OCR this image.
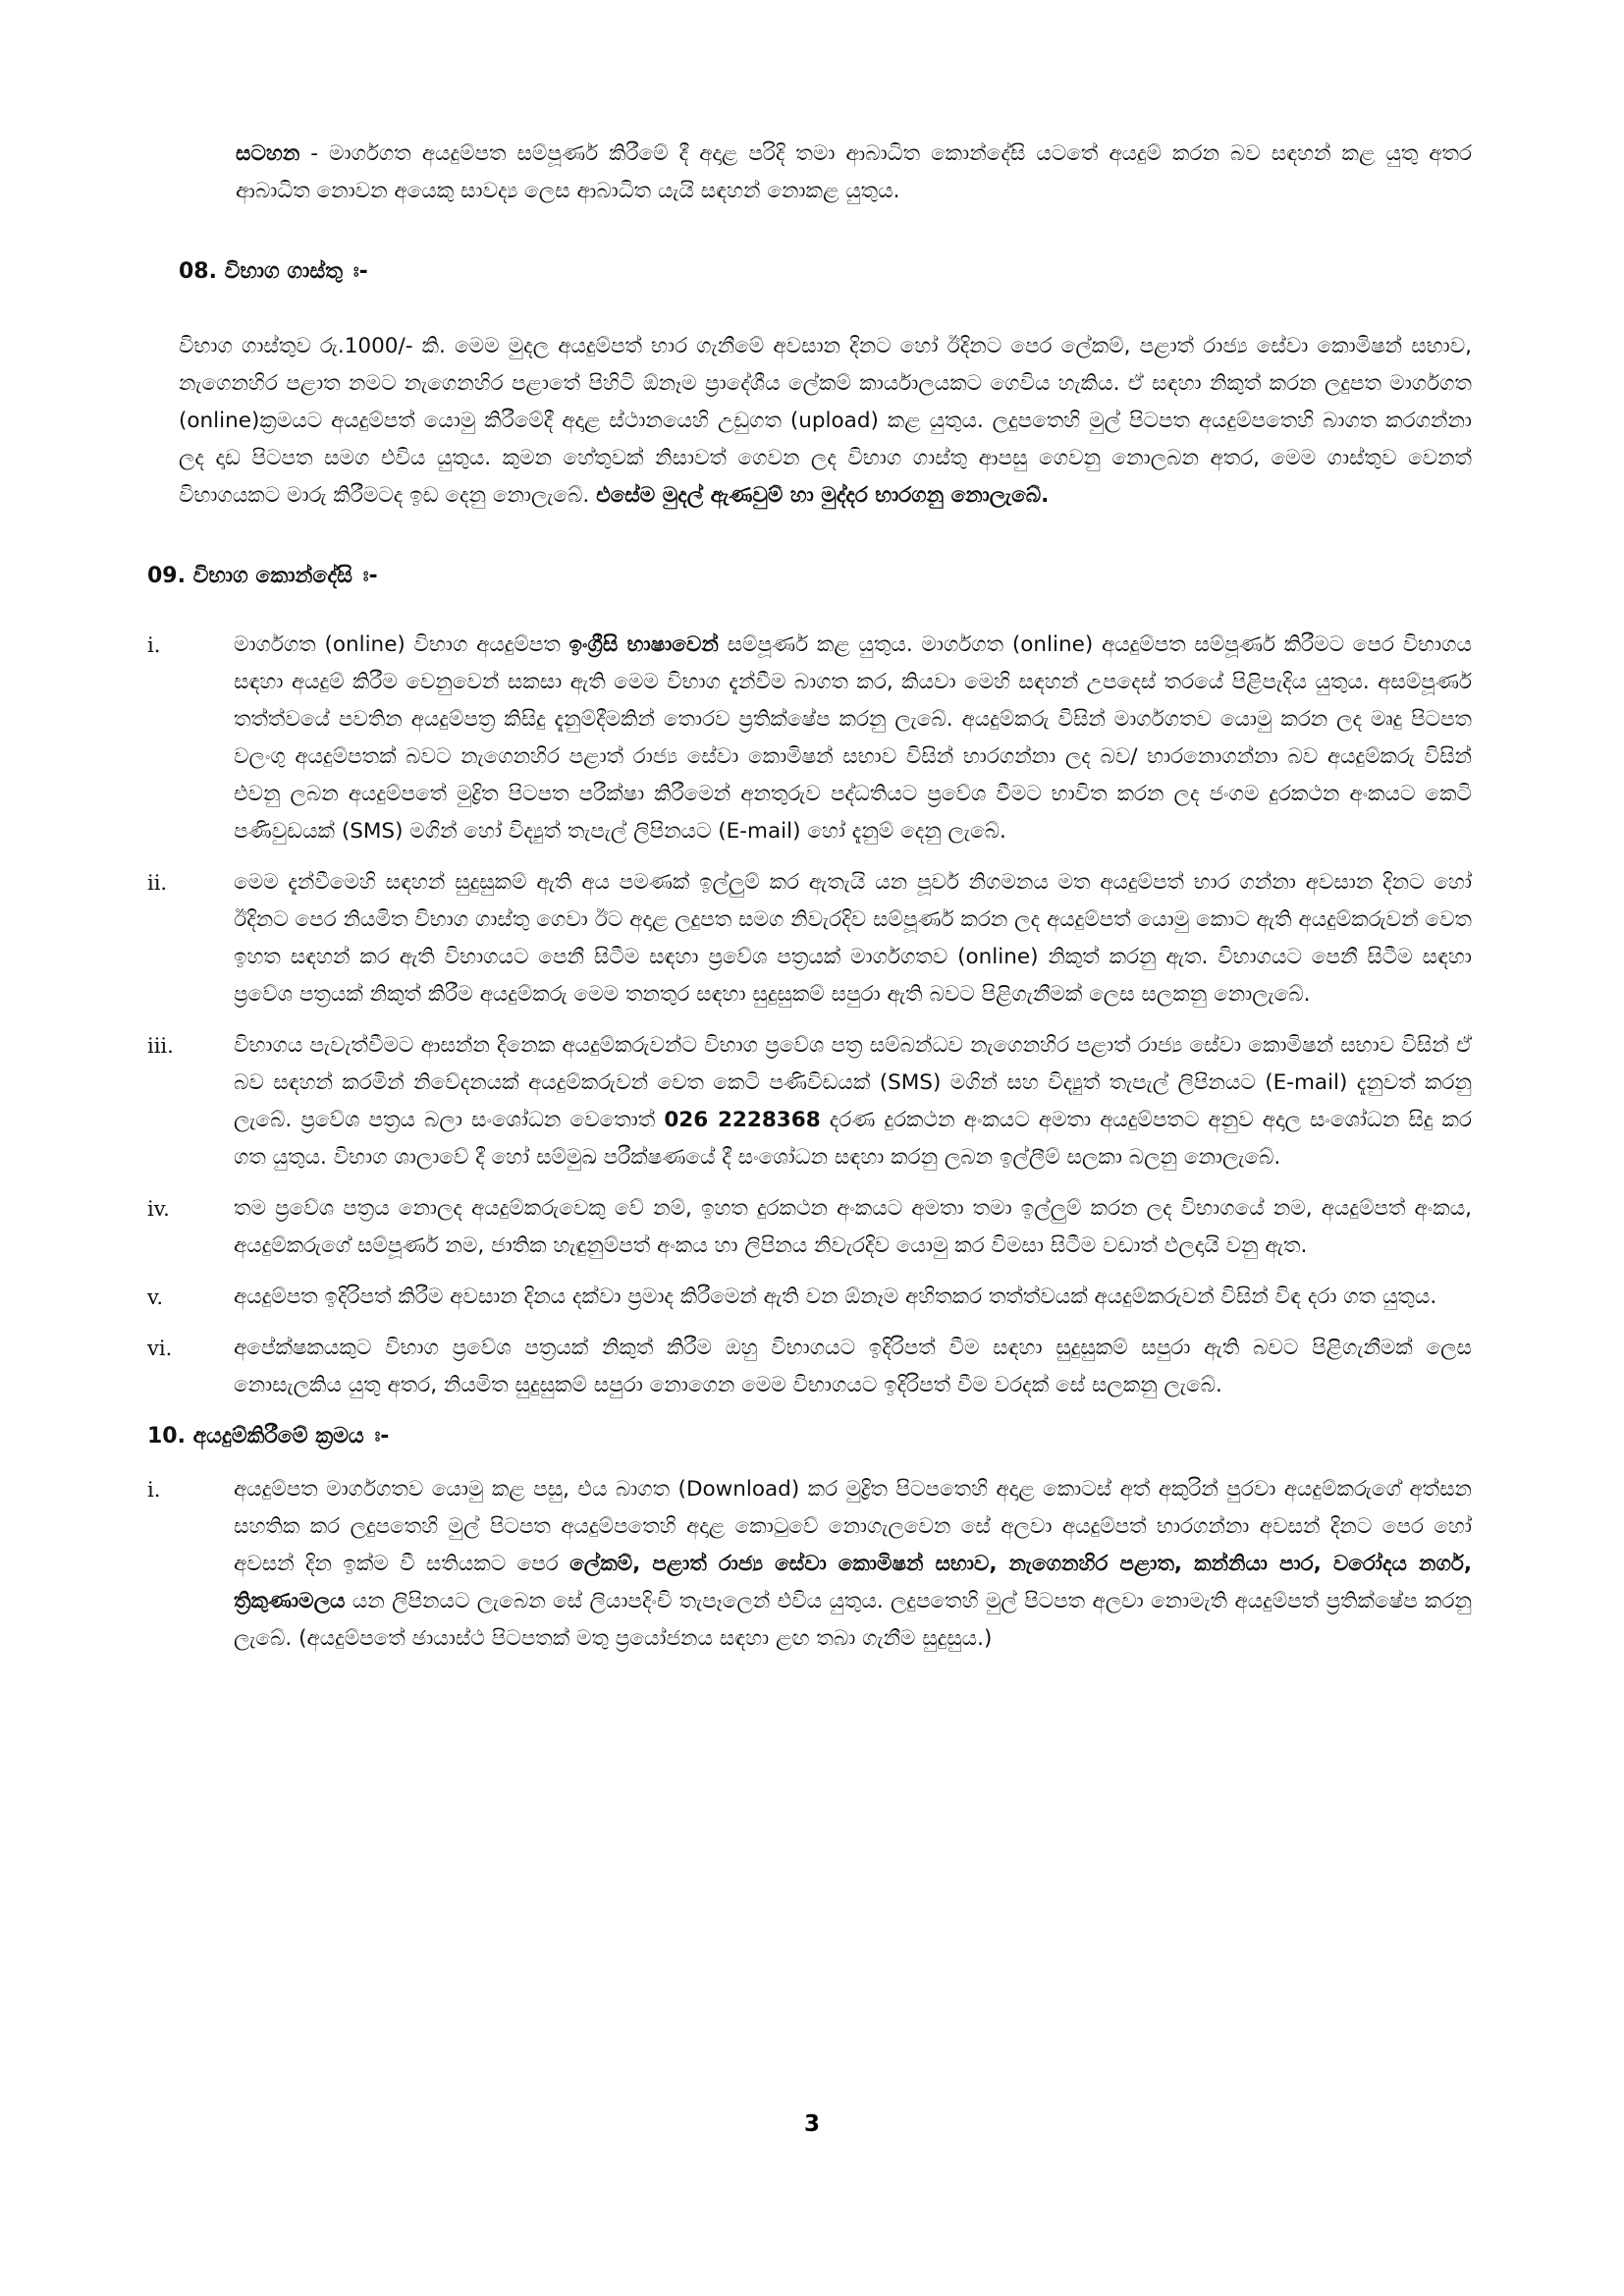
සටහන - මාර්ගගත අයදුම්පත සම්පූර්ණ කිරීමේ දී අදාළ පරිදි තමා ආබාධිත කොන්දේසි යටතේ අයදුම් කරන බව සඳහන් කළ යුතු අතර ආබාධිත නොවන අයෙකු සාවද්‍ය ලෙස ආබාධිත යැයි සඳහන් නොකළ යුතුය.

08. විභාග ගාස්තු ඃ-

විභාග ගාස්තුව රු.1000/- කි. මෙම මුදල අයදුම්පත් භාර ගැනීමේ අවසාන දිනට හෝ ඊදිනට පෙර ලේකම්, පළාත් රාජ්‍ය සේවා කොමිෂන් සභාව, නැගෙනහිර පළාත නමට නැගෙනහිර පළාතේ පිහිටි ඕනෑම ප්‍රාදේශීය ලේකම් කාර්යාලයකට ගෙවිය හැකිය. ඒ සඳහා නිකුත් කරන ලදුපත මාර්ගගත (online)ක්‍රමයට අයදුම්පත් යොමු කිරීමේදී අදාළ ස්ථානයෙහි උඩුගත (upload) කළ යුතුය. ලදුපතෙහි මුල් පිටපත අයදුම්පතෙහි බාගත කරගන්නා ලද දෘඩ පිටපත සමග එවිය යුතුය. කුමන හේතුවක් නිසාවත් ගෙවන ලද විභාග ගාස්තු ආපසු ගෙවනු නොලබන අතර, මෙම ගාස්තුව වෙනත් විභාගයකට මාරු කිරීමටද ඉඩ දෙනු නොලැබේ. එසේම මුදල් ඇණවුම් හා මුද්දර භාරගනු නොලැබේ.

09. විභාග කොන්දේසි ඃ-
i.	මාර්ගගත (online) විභාග අයදුම්පත ඉංග්‍රීසි භාෂාවෙන් සම්පූර්ණ කළ යුතුය. මාර්ගගත (online) අයදුම්පත සම්පූර්ණ කිරීමට පෙර විභාගය සඳහා අයදුම් කිරීම වෙනුවෙන් සකසා ඇති මෙම විභාග දැන්වීම බාගත කර, කියවා මෙහි සඳහන් උපදෙස් තරයේ පිළිපැදිය යුතුය. අසම්පූර්ණ තත්ත්වයේ පවතින අයදුම්පත්‍ර කිසිදු දැනුම්දීමකින් තොරව ප්‍රතික්ෂේප කරනු ලැබේ. අයදුම්කරු විසින් මාර්ගගතව යොමු කරන ලද මෘදු පිටපත වලංගු අයදුම්පතක් බවට නැගෙනහිර පළාත් රාජ්‍ය සේවා කොමිෂන් සභාව විසින් භාරගන්නා ලද බව/ භාරනොගන්නා බව අයදුම්කරු විසින් එවනු ලබන අයදුම්පතේ මුද්‍රිත පිටපත පරීක්ෂා කිරීමෙන් අනතුරුව පද්ධතියට ප්‍රවේශ වීමට භාවිත කරන ලද ජංගම දුරකථන අංකයට කෙටි පණිවුඩයක් (SMS) මගින් හෝ විද්‍යුත් තැපැල් ලිපිනයට (E-mail) හෝ දැනුම් දෙනු ලැබේ.
ii.	මෙම දැන්වීමෙහි සඳහන් සුදුසුකම් ඇති අය පමණක් ඉල්ලුම් කර ඇතැයි යන පූර්ව නිගමනය මත අයදුම්පත් භාර ගන්නා අවසාන දිනට හෝ ඊදිනට පෙර නියමිත විභාග ගාස්තු ගෙවා ඊට අදාළ ලදුපත සමග නිවැරදිව සම්පූර්ණ කරන ලද අයදුම්පත් යොමු කොට ඇති අයදුම්කරුවන් වෙත ඉහත සඳහන් කර ඇති විභාගයට පෙනී සිටීම සඳහා ප්‍රවේශ පත්‍රයක් මාර්ගගතව (online) නිකුත් කරනු ඇත. විභාගයට පෙනී සිටීම සඳහා ප්‍රවේශ පත්‍රයක් නිකුත් කිරීම අයදුම්කරු මෙම තනතුර සඳහා සුදුසුකම් සපුරා ඇති බවට පිළිගැනීමක් ලෙස සලකනු නොලැබේ.
iii.	විභාගය පැවැත්වීමට ආසන්න දිනෙක අයදුම්කරුවන්ට විභාග ප්‍රවේශ පත්‍ර සම්බන්ධව නැගෙනහිර පළාත් රාජ්‍ය සේවා කොමිෂන් සභාව විසින් ඒ බව සඳහන් කරමින් නිවේදනයක් අයදුම්කරුවන් වෙත කෙටි පණිවිඩයක් (SMS) මගින් සහ විද්‍යුත් තැපැල් ලිපිනයට (E-mail) දැනුවත් කරනු ලැබේ. ප්‍රවේශ පත්‍රය බලා සංශෝධන වෙතොත් 026 2228368 දරණ දුරකථන අංකයට අමතා අයදුම්පතට අනුව අදාල සංශෝධන සිදු කර ගත යුතුය. විභාග ශාලාවේ දී හෝ සම්මුඛ පරීක්ෂණයේ දී සංශෝධන සඳහා කරනු ලබන ඉල්ලීම් සලකා බලනු නොලැබේ.
iv.	තම ප්‍රවේශ පත්‍රය නොලද අයදුම්කරුවෙකු වේ නම්, ඉහත දුරකථන අංකයට අමතා තමා ඉල්ලුම් කරන ලද විභාගයේ නම, අයදුම්පත් අංකය, අයදුම්කරුගේ සම්පූර්ණ නම, ජාතික හැඳුනුම්පත් අංකය හා ලිපිනය නිවැරදිව යොමු කර විමසා සිටීම වඩාත් ඵලදායි වනු ඇත.
v.	අයදුම්පත ඉදිරිපත් කිරීම අවසාන දිනය දක්වා ප්‍රමාද කිරීමෙන් ඇති වන ඕනෑම අහිතකර තත්ත්වයක් අයදුම්කරුවන් විසින් විඳ දරා ගත යුතුය.
vi.	අපේක්ෂකයකුට විභාග ප්‍රවේශ පත්‍රයක් නිකුත් කිරීම ඔහු විභාගයට ඉදිරිපත් වීම සඳහා සුදුසුකම් සපුරා ඇති බවට පිළිගැනීමක් ලෙස නොසැලකිය යුතු අතර, නියමිත සුදුසුකම් සපුරා නොගෙන මෙම විභාගයට ඉදිරිපත් වීම වරදක් සේ සලකනු ලැබේ.
10. අයදුම්කිරීමේ ක්‍රමය ඃ-
i.	අයදුම්පත මාර්ගගතව යොමු කළ පසු, එය බාගත (Download) කර මුද්‍රිත පිටපතෙහි අදාළ කොටස් අත් අකුරින් පුරවා අයදුම්කරුගේ අත්සන සහතික කර ලදුපතෙහි මුල් පිටපත අයදුම්පතෙහි අදාළ කොටුවේ නොගැලවෙන සේ අලවා අයදුම්පත් භාරගන්නා අවසන් දිනට පෙර හෝ අවසන් දින ඉක්ම වී සතියකට පෙර ලේකම්, පළාත් රාජ්‍ය සේවා කොමිෂන් සභාව, නැගෙනහිර පළාත, කන්නියා පාර, වරෝදය නගර්, ත්‍රිකුණාමලය යන ලිපිනයට ලැබෙන සේ ලියාපදිංචි තැපෑලෙන් එවිය යුතුය. ලදුපතෙහි මුල් පිටපත අලවා නොමැති අයදුම්පත් ප්‍රතික්ෂේප කරනු ලැබේ. (අයදුම්පතේ ඡායාස්ථ පිටපතක් මතු ප්‍රයෝජනය සඳහා ළඟ තබා ගැනීම සුදුසුය.)
3
